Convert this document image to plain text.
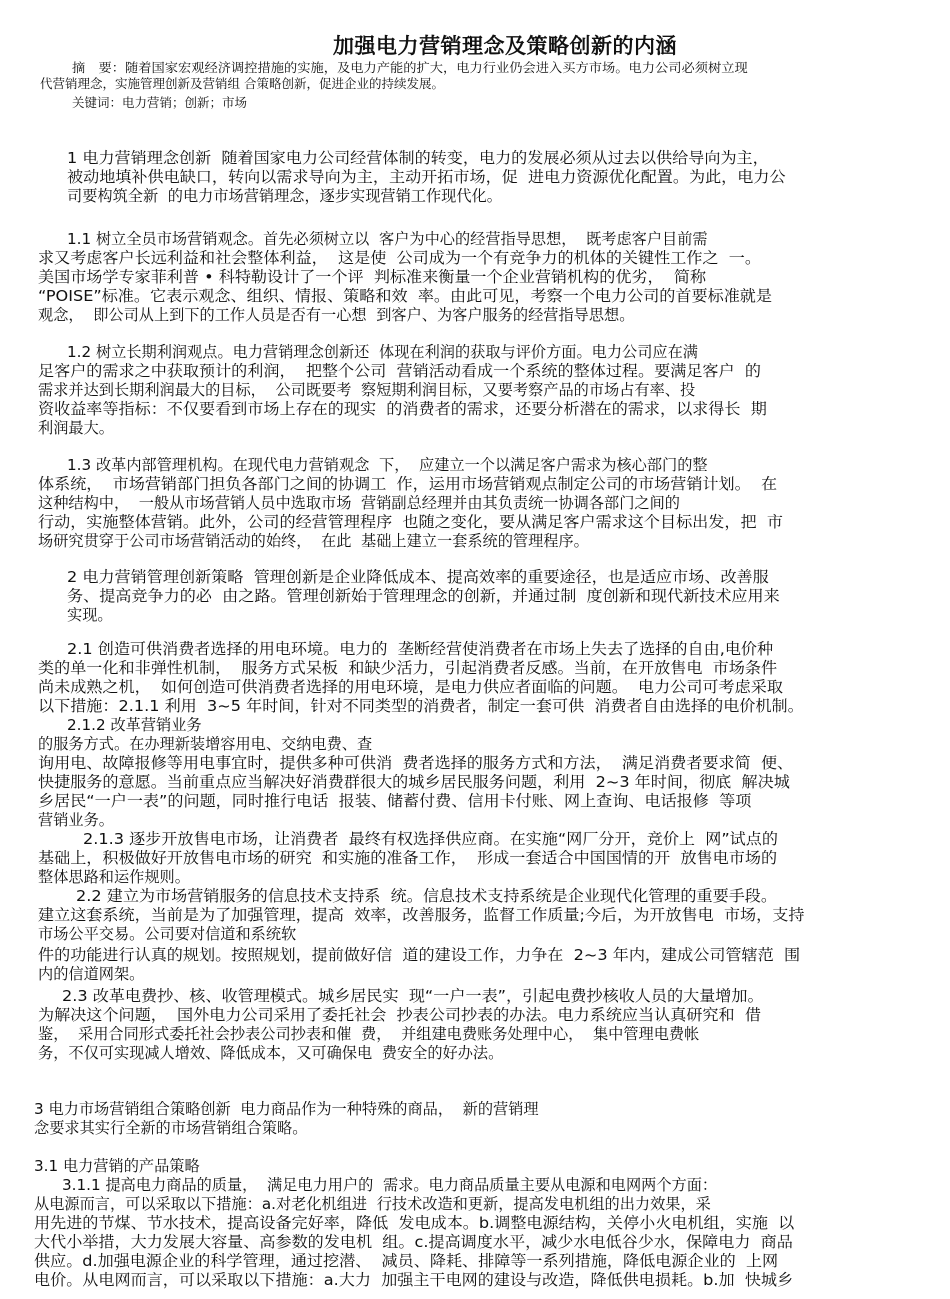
加强电力营销理念及策略创新的内涵
摘　要：随着国家宏观经济调控措施的实施，及电力产能的扩大，电力行业仍会进入买方市场。电力公司必须树立现
代营销理念，实施管理创新及营销组 合策略创新，促进企业的持续发展。
关键词：电力营销；创新；市场
1 电力营销理念创新  随着国家电力公司经营体制的转变，电力的发展必须从过去以供给导向为主，
被动地填补供电缺口，转向以需求导向为主，主动开拓市场，促  进电力资源优化配置。为此，电力公
司要构筑全新  的电力市场营销理念，逐步实现营销工作现代化。
1.1 树立全员市场营销观念。首先必须树立以  客户为中心的经营指导思想，  既考虑客户目前需
求又考虑客户长远利益和社会整体利益，  这是使  公司成为一个有竞争力的机体的关键性工作之  一。
美国市场学专家菲利普 • 科特勒设计了一个评  判标准来衡量一个企业营销机构的优劣，  简称
“POISE”标准。它表示观念、组织、情报、策略和效  率。由此可见，考察一个电力公司的首要标准就是
观念，  即公司从上到下的工作人员是否有一心想  到客户、为客户服务的经营指导思想。
1.2 树立长期利润观点。电力营销理念创新还  体现在利润的获取与评价方面。电力公司应在满
足客户的需求之中获取预计的利润，  把整个公司  营销活动看成一个系统的整体过程。要满足客户  的
需求并达到长期利润最大的目标，  公司既要考  察短期利润目标，又要考察产品的市场占有率、投
资收益率等指标：不仅要看到市场上存在的现实  的消费者的需求，还要分析潜在的需求，以求得长  期
利润最大。
1.3 改革内部管理机构。在现代电力营销观念  下，  应建立一个以满足客户需求为核心部门的整
体系统，  市场营销部门担负各部门之间的协调工  作，运用市场营销观点制定公司的市场营销计划。  在
这种结构中，  一般从市场营销人员中选取市场  营销副总经理并由其负责统一协调各部门之间的
行动，实施整体营销。此外，公司的经营管理程序  也随之变化，要从满足客户需求这个目标出发，把  市
场研究贯穿于公司市场营销活动的始终，  在此  基础上建立一套系统的管理程序。
2 电力营销管理创新策略  管理创新是企业降低成本、提高效率的重要途径，也是适应市场、改善服
务、提高竞争力的必  由之路。管理创新始于管理理念的创新，并通过制  度创新和现代新技术应用来
实现。
2.1 创造可供消费者选择的用电环境。电力的  垄断经营使消费者在市场上失去了选择的自由,电价种
类的单一化和非弹性机制，  服务方式呆板  和缺少活力，引起消费者反感。当前，在开放售电  市场条件
尚未成熟之机，  如何创造可供消费者选择的用电环境，是电力供应者面临的问题。  电力公司可考虑采取
以下措施：2.1.1 利用  3~5 年时间，针对不同类型的消费者，制定一套可供  消费者自由选择的电价机制。
2.1.2 改革营销业务
的服务方式。在办理新装增容用电、交纳电费、查
询用电、故障报修等用电事宜时，提供多种可供消  费者选择的服务方式和方法，  满足消费者要求简  便、
快捷服务的意愿。当前重点应当解决好消费群很大的城乡居民服务问题，利用  2~3 年时间，彻底  解决城
乡居民“一户一表”的问题，同时推行电话  报装、储蓄付费、信用卡付账、网上查询、电话报修  等项
营销业务。
2.1.3 逐步开放售电市场，让消费者  最终有权选择供应商。在实施“网厂分开，竞价上  网”试点的
基础上，积极做好开放售电市场的研究  和实施的准备工作，  形成一套适合中国国情的开  放售电市场的
整体思路和运作规则。
2.2 建立为市场营销服务的信息技术支持系  统。信息技术支持系统是企业现代化管理的重要手段。
建立这套系统，当前是为了加强管理，提高  效率，改善服务，监督工作质量;今后，为开放售电  市场，支持
市场公平交易。公司要对信道和系统软
件的功能进行认真的规划。按照规划，提前做好信  道的建设工作，力争在  2~3 年内，建成公司管辖范  围
内的信道网架。
2.3 改革电费抄、核、收管理模式。城乡居民实  现“一户一表”，引起电费抄核收人员的大量增加。
为解决这个问题，  国外电力公司采用了委托社会  抄表公司抄表的办法。电力系统应当认真研究和  借
鉴，  采用合同形式委托社会抄表公司抄表和催  费，  并组建电费账务处理中心，  集中管理电费帐
务，不仅可实现减人增效、降低成本，又可确保电  费安全的好办法。
3 电力市场营销组合策略创新  电力商品作为一种特殊的商品，  新的营销理
念要求其实行全新的市场营销组合策略。
3.1 电力营销的产品策略
3.1.1 提高电力商品的质量，  满足电力用户的  需求。电力商品质量主要从电源和电网两个方面：
从电源而言，可以采取以下措施：a.对老化机组进  行技术改造和更新，提高发电机组的出力效果，采
用先进的节煤、节水技术，提高设备完好率，降低  发电成本。b.调整电源结构，关停小火电机组，实施  以
大代小举措，大力发展大容量、高参数的发电机  组。c.提高调度水平，减少水电低谷少水，保障电力  商品
供应。d.加强电源企业的科学管理，通过挖潜、  减员、降耗、排障等一系列措施，降低电源企业的  上网
电价。从电网而言，可以采取以下措施：a.大力  加强主干电网的建设与改造，降低供电损耗。b.加  快城乡
